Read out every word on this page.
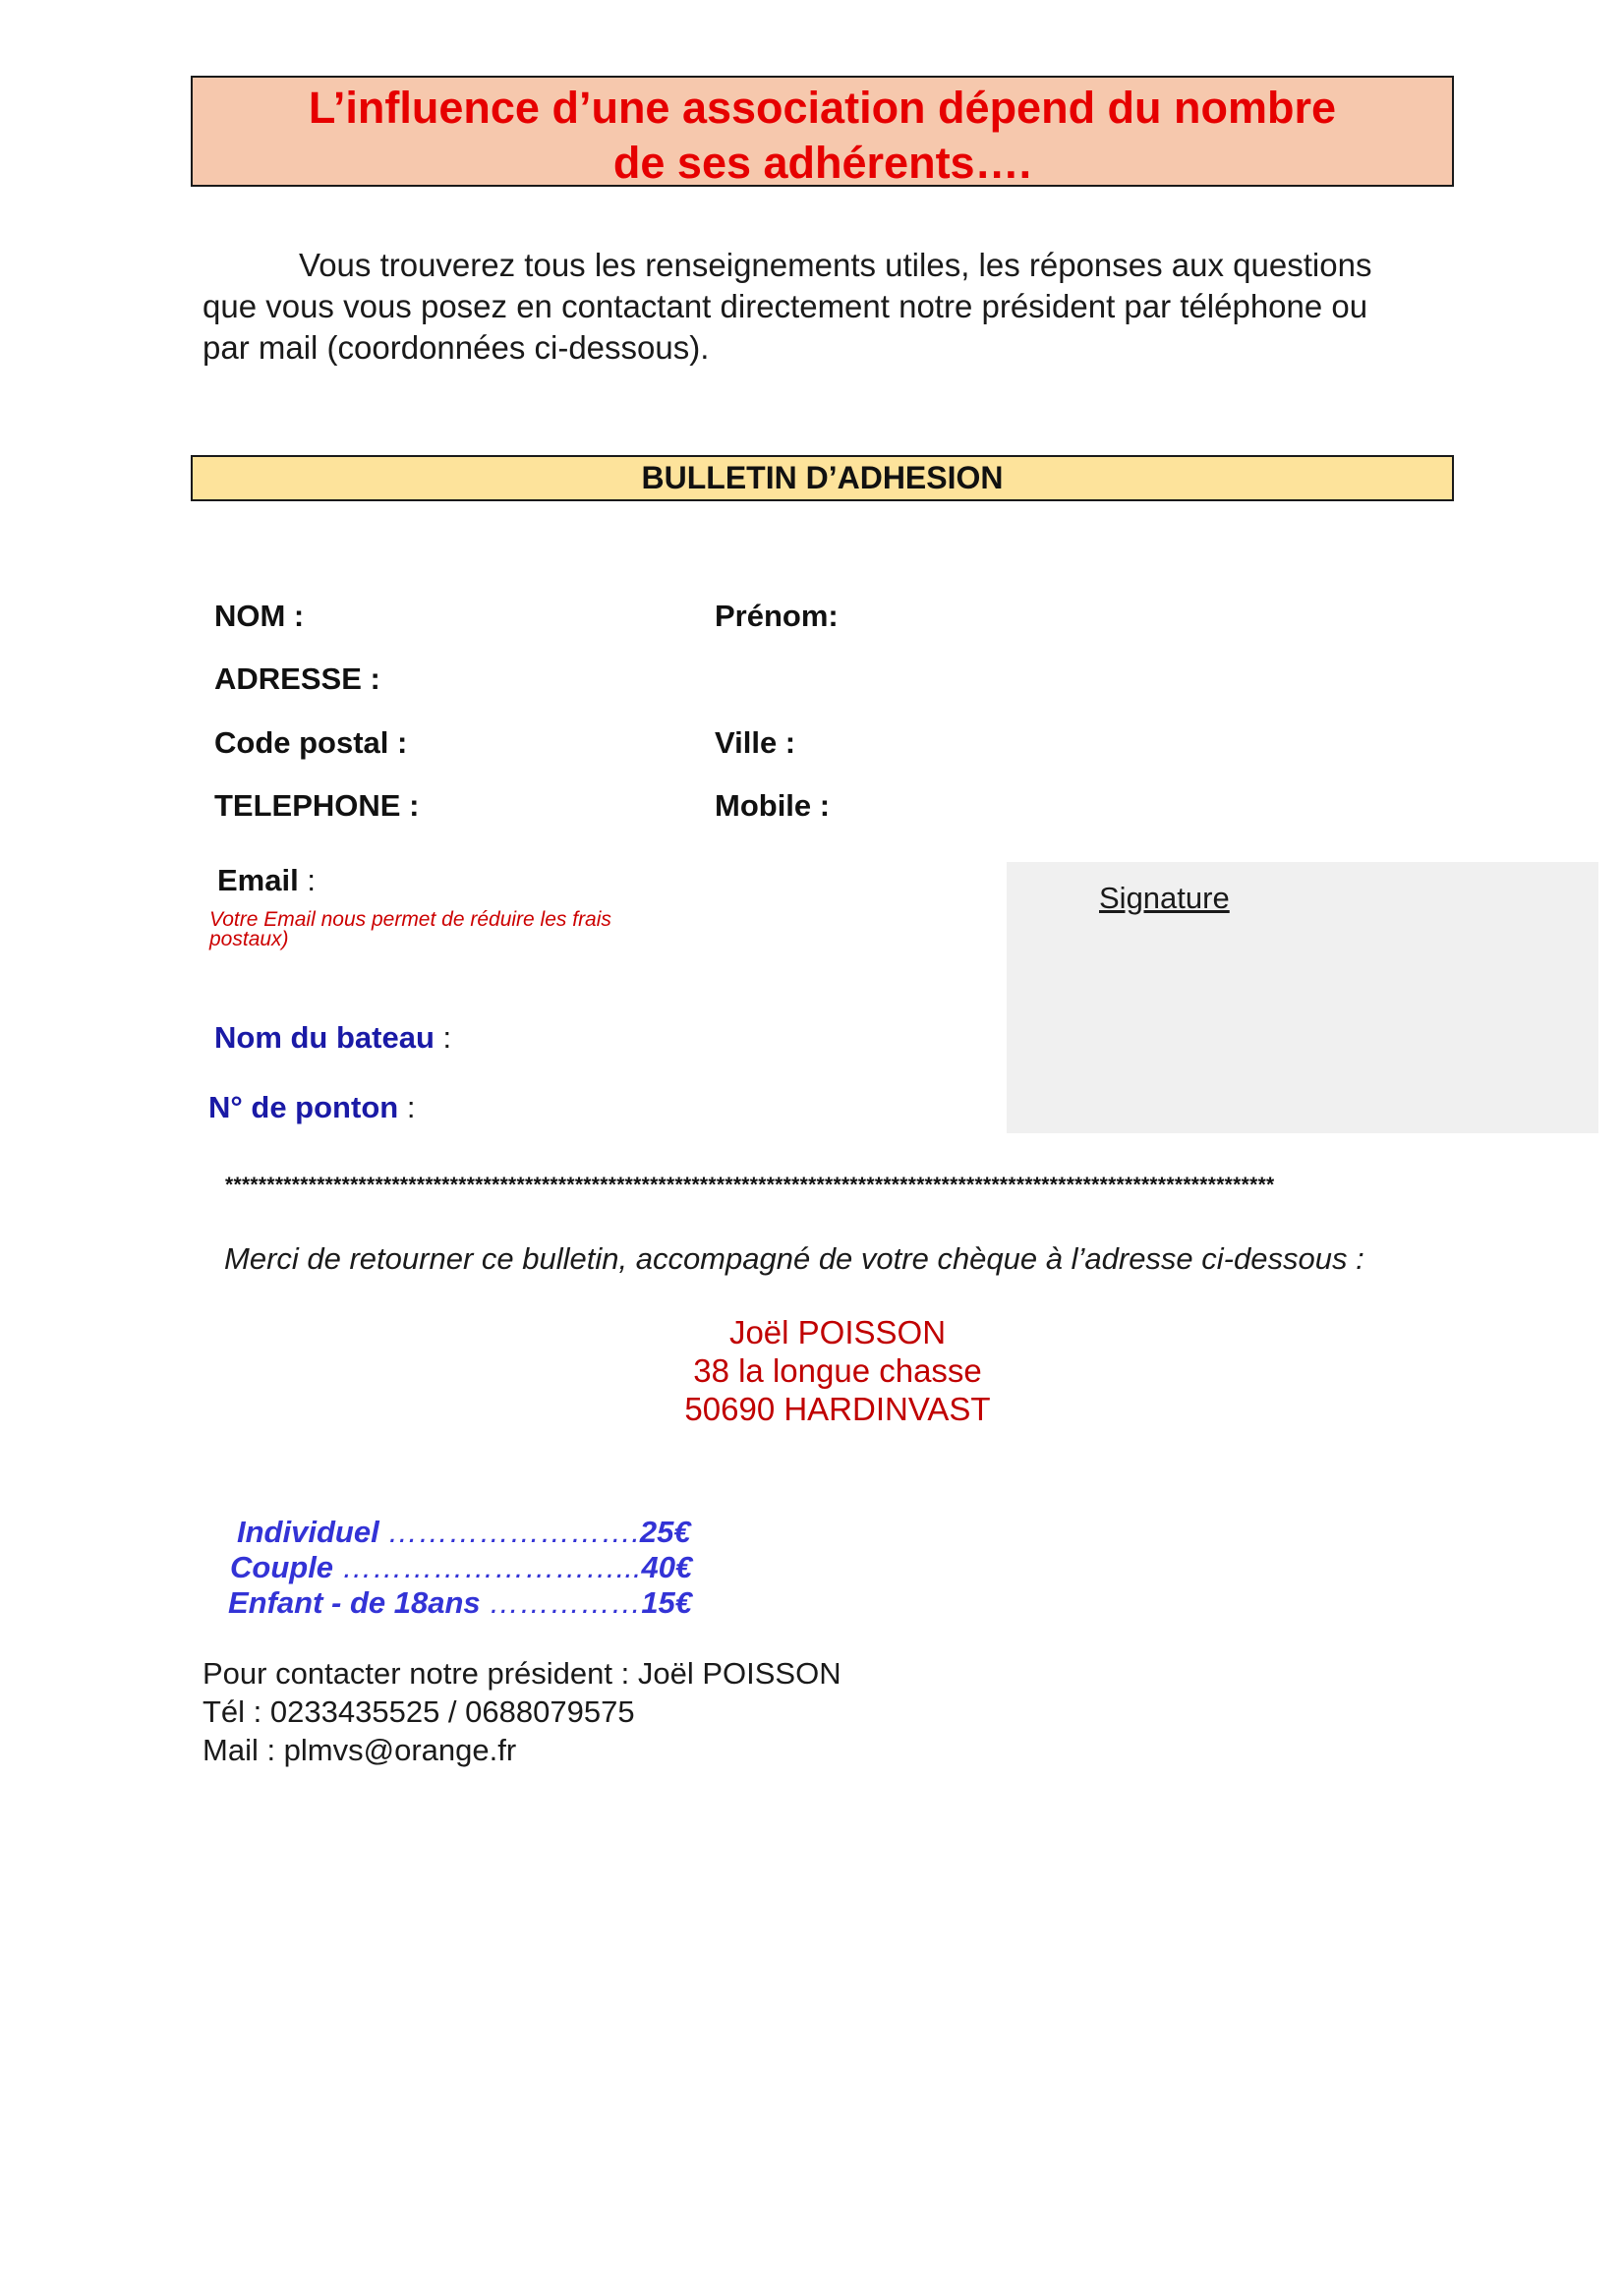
L’influence d’une association dépend du nombre
de ses adhérents….
Vous trouverez tous les renseignements utiles, les réponses aux questions que vous vous posez en contactant directement notre président par téléphone ou par mail (coordonnées ci-dessous).
BULLETIN D’ADHESION
NOM :	Prénom:
ADRESSE :
Code postal :	Ville :
TELEPHONE :	Mobile :
Email :
Votre Email nous permet de réduire les frais postaux)
Signature
Nom du bateau :
N° de ponton :
******************************************************************************************************************************
Merci de retourner ce bulletin, accompagné de votre chèque à l’adresse ci-dessous :
Joël POISSON
38 la longue chasse
50690 HARDINVAST
Individuel …………………….25€
Couple ………………………...40€
Enfant - de 18ans ……………15€
Pour contacter notre président : Joël POISSON
Tél : 0233435525 / 0688079575
Mail : plmvs@orange.fr
